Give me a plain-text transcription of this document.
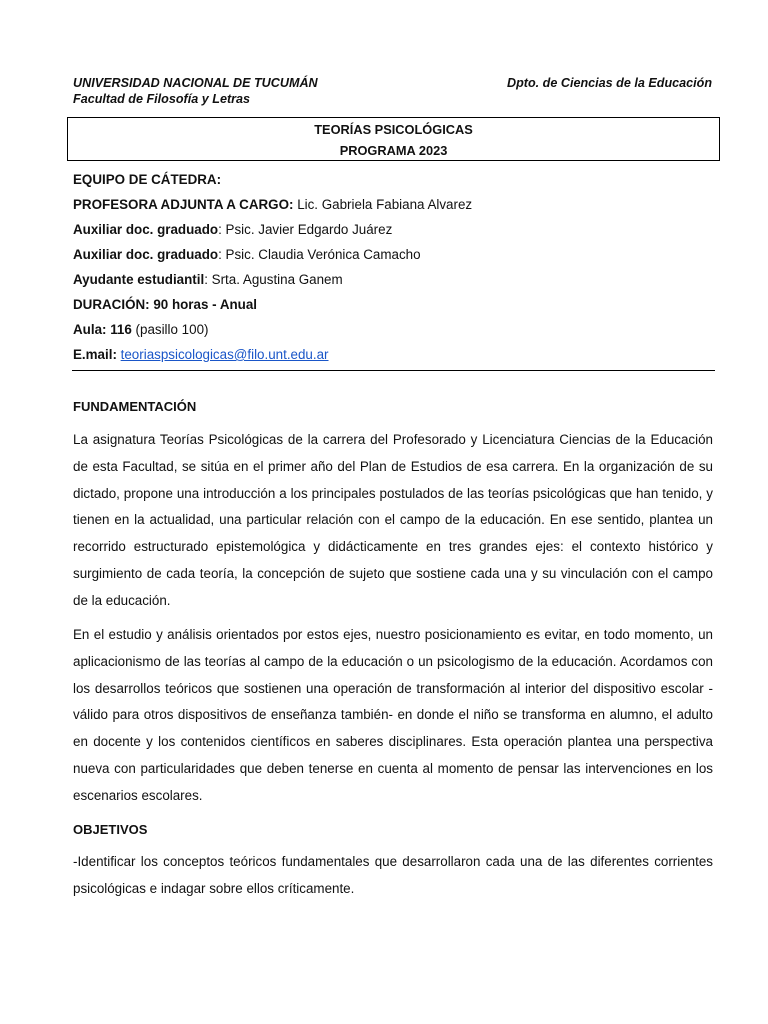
UNIVERSIDAD NACIONAL DE TUCUMÁN
Facultad de Filosofía y Letras
Dpto. de Ciencias de la Educación
TEORÍAS PSICOLÓGICAS
PROGRAMA 2023
EQUIPO DE CÁTEDRA:
PROFESORA ADJUNTA A CARGO: Lic. Gabriela Fabiana Alvarez
Auxiliar doc. graduado: Psic. Javier Edgardo Juárez
Auxiliar doc. graduado: Psic. Claudia Verónica Camacho
Ayudante estudiantil: Srta. Agustina Ganem
DURACIÓN: 90 horas - Anual
Aula: 116 (pasillo 100)
E.mail: teoriaspsicologicas@filo.unt.edu.ar
FUNDAMENTACIÓN
La asignatura Teorías Psicológicas de la carrera del Profesorado y Licenciatura Ciencias de la Educación de esta Facultad, se sitúa en el primer año del Plan de Estudios de esa carrera. En la organización de su dictado, propone una introducción a los principales postulados de las teorías psicológicas que han tenido, y tienen en la actualidad, una particular relación con el campo de la educación. En ese sentido, plantea un recorrido estructurado epistemológica y didácticamente en tres grandes ejes: el contexto histórico y surgimiento de cada teoría, la concepción de sujeto que sostiene cada una y su vinculación con el campo de la educación.
En el estudio y análisis orientados por estos ejes, nuestro posicionamiento es evitar, en todo momento, un aplicacionismo de las teorías al campo de la educación o un psicologismo de la educación. Acordamos con los desarrollos teóricos que sostienen una operación de transformación al interior del dispositivo escolar -válido para otros dispositivos de enseñanza también- en donde el niño se transforma en alumno, el adulto en docente y los contenidos científicos en saberes disciplinares. Esta operación plantea una perspectiva nueva con particularidades que deben tenerse en cuenta al momento de pensar las intervenciones en los escenarios escolares.
OBJETIVOS
-Identificar los conceptos teóricos fundamentales que desarrollaron cada una de las diferentes corrientes psicológicas e indagar sobre ellos críticamente.
